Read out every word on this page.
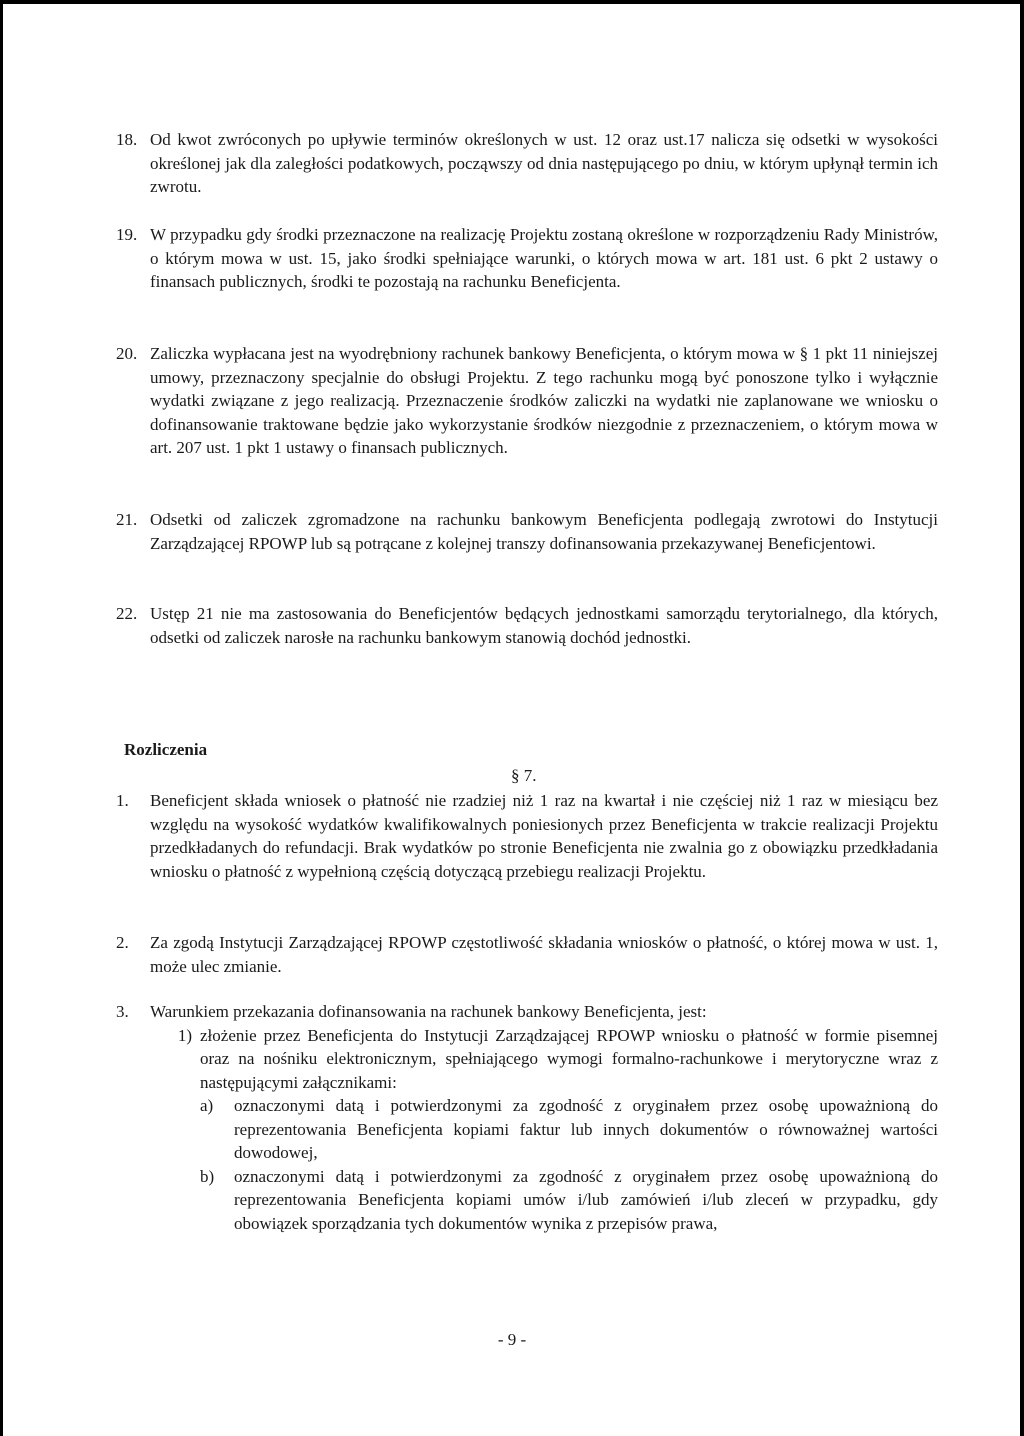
18. Od kwot zwróconych po upływie terminów określonych w ust. 12 oraz ust.17 nalicza się odsetki w wysokości określonej jak dla zaległości podatkowych, począwszy od dnia następującego po dniu, w którym upłynął termin ich zwrotu.
19. W przypadku gdy środki przeznaczone na realizację Projektu zostaną określone w rozporządzeniu Rady Ministrów, o którym mowa w ust. 15, jako środki spełniające warunki, o których mowa w art. 181 ust. 6 pkt 2 ustawy o finansach publicznych, środki te pozostają na rachunku Beneficjenta.
20. Zaliczka wypłacana jest na wyodrębniony rachunek bankowy Beneficjenta, o którym mowa w § 1 pkt 11 niniejszej umowy, przeznaczony specjalnie do obsługi Projektu. Z tego rachunku mogą być ponoszone tylko i wyłącznie wydatki związane z jego realizacją. Przeznaczenie środków zaliczki na wydatki nie zaplanowane we wniosku o dofinansowanie traktowane będzie jako wykorzystanie środków niezgodnie z przeznaczeniem, o którym mowa w art. 207 ust. 1 pkt 1 ustawy o finansach publicznych.
21. Odsetki od zaliczek zgromadzone na rachunku bankowym Beneficjenta podlegają zwrotowi do Instytucji Zarządzającej RPOWP lub są potrącane z kolejnej transzy dofinansowania przekazywanej Beneficjentowi.
22. Ustęp 21 nie ma zastosowania do Beneficjentów będących jednostkami samorządu terytorialnego, dla których, odsetki od zaliczek narosłe na rachunku bankowym stanowią dochód jednostki.
Rozliczenia
§ 7.
1.	Beneficjent składa wniosek o płatność nie rzadziej niż 1 raz na kwartał i nie częściej niż 1 raz w miesiącu bez względu na wysokość wydatków kwalifikowalnych poniesionych przez Beneficjenta w trakcie realizacji Projektu przedkładanych do refundacji. Brak wydatków po stronie Beneficjenta nie zwalnia go z obowiązku przedkładania wniosku o płatność z wypełnioną częścią dotyczącą przebiegu realizacji Projektu.
2.	Za zgodą Instytucji Zarządzającej RPOWP częstotliwość składania wniosków o płatność, o której mowa w ust. 1, może ulec zmianie.
3.	Warunkiem przekazania dofinansowania na rachunek bankowy Beneficjenta, jest:
1) złożenie przez Beneficjenta do Instytucji Zarządzającej RPOWP wniosku o płatność w formie pisemnej oraz na nośniku elektronicznym, spełniającego wymogi formalno-rachunkowe i merytoryczne wraz z następującymi załącznikami:
a)	oznaczonymi datą i potwierdzonymi za zgodność z oryginałem przez osobę upoważnioną do reprezentowania Beneficjenta kopiami faktur lub innych dokumentów o równoważnej wartości dowodowej,
b)	oznaczonymi datą i potwierdzonymi za zgodność z oryginałem przez osobę upoważnioną do reprezentowania Beneficjenta kopiami umów i/lub zamówień i/lub zleceń w przypadku, gdy obowiązek sporządzania tych dokumentów wynika z przepisów prawa,
- 9 -
